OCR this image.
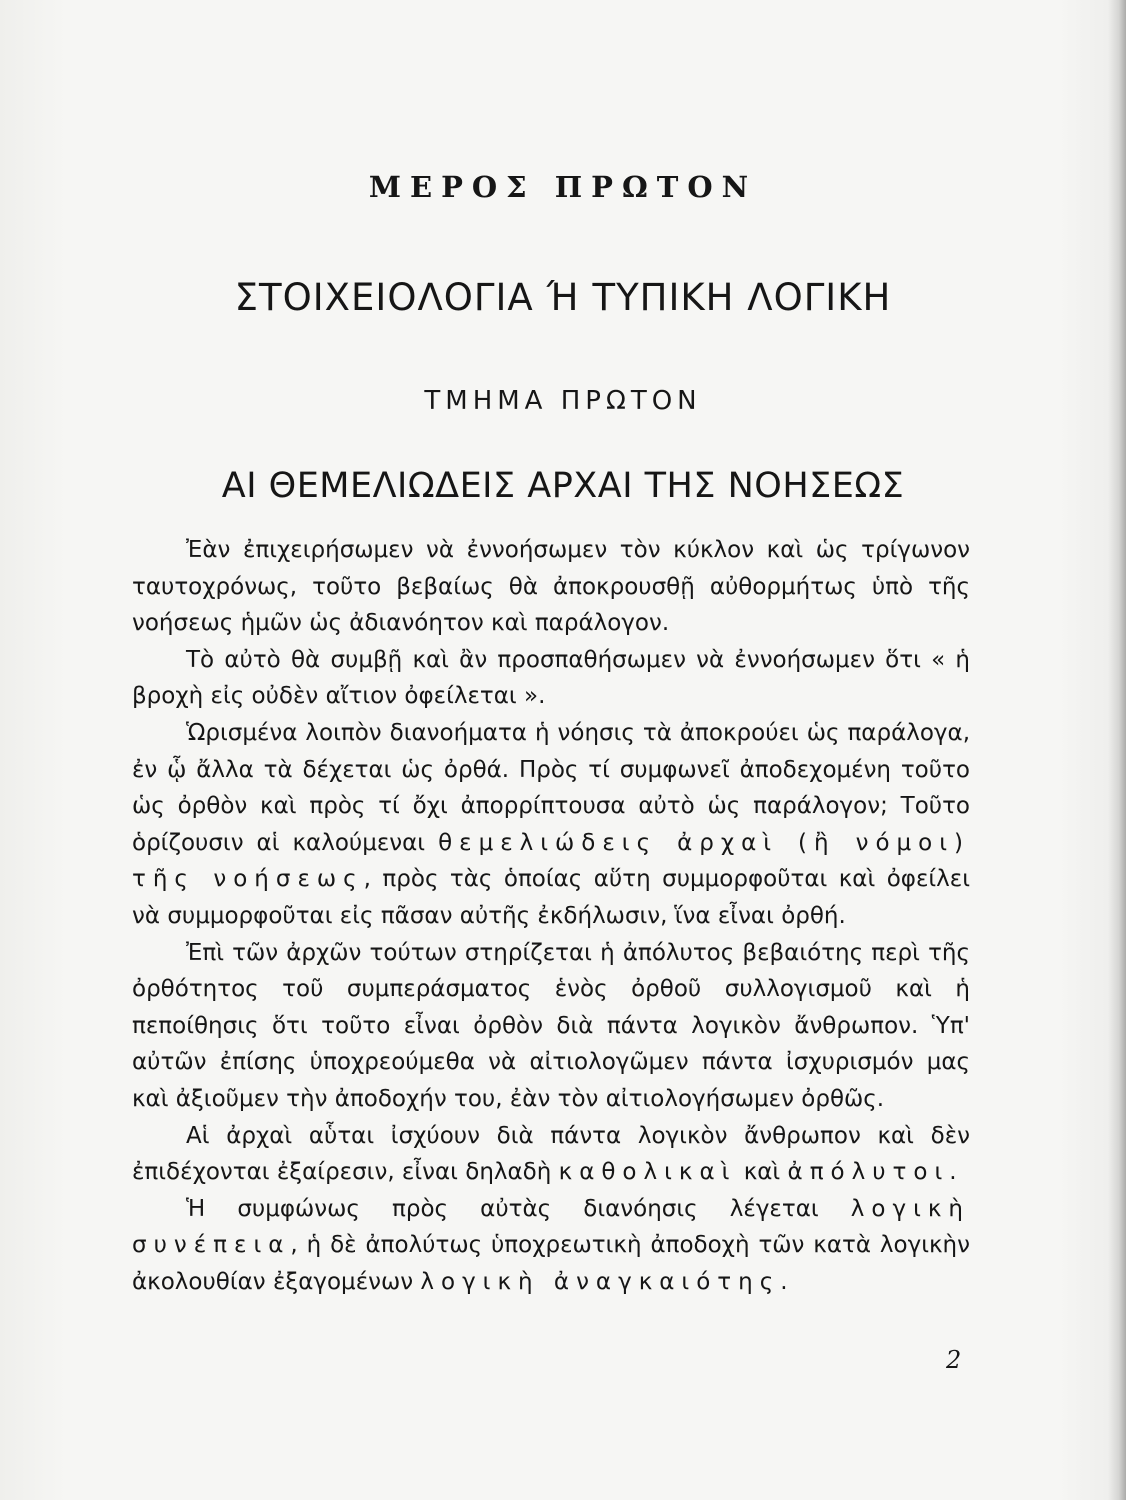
ΜΕΡΟΣ ΠΡΩΤΟΝ
ΣΤΟΙΧΕΙΟΛΟΓΙΑ Ή ΤΥΠΙΚΗ ΛΟΓΙΚΗ
ΤΜΗΜΑ ΠΡΩΤΟΝ
ΑΙ ΘΕΜΕΛΙΩΔΕΙΣ ΑΡΧΑΙ ΤΗΣ ΝΟΗΣΕΩΣ

Ἐὰν ἐπιχειρήσωμεν νὰ ἐννοήσωμεν τὸν κύκλον καὶ ὡς τρίγωνον ταυτοχρόνως, τοῦτο βεβαίως θὰ ἀποκρουσθῇ αὐθορμήτως ὑπὸ τῆς νοήσεως ἡμῶν ὡς ἀδιανόητον καὶ παράλογον.

Τὸ αὐτὸ θὰ συμβῇ καὶ ἂν προσπαθήσωμεν νὰ ἐννοήσωμεν ὅτι « ἡ βροχὴ εἰς οὐδὲν αἴτιον ὀφείλεται ».

Ὡρισμένα λοιπὸν διανοήματα ἡ νόησις τὰ ἀποκρούει ὡς παράλογα, ἐν ᾧ ἄλλα τὰ δέχεται ὡς ὀρθά. Πρὸς τί συμφωνεῖ ἀποδεχομένη τοῦτο ὡς ὀρθὸν καὶ πρὸς τί ὄχι ἀπορρίπτουσα αὐτὸ ὡς παράλογον; Τοῦτο ὁρίζουσιν αἱ καλούμεναι θεμελιώδεις ἀρχαὶ (ἢ νόμοι) τῆς νοήσεως, πρὸς τὰς ὁποίας αὕτη συμμορφοῦται καὶ ὀφείλει νὰ συμμορφοῦται εἰς πᾶσαν αὐτῆς ἐκδήλωσιν, ἵνα εἶναι ὀρθή.

Ἐπὶ τῶν ἀρχῶν τούτων στηρίζεται ἡ ἀπόλυτος βεβαιότης περὶ τῆς ὀρθότητος τοῦ συμπεράσματος ἑνὸς ὀρθοῦ συλλογισμοῦ καὶ ἡ πεποίθησις ὅτι τοῦτο εἶναι ὀρθὸν διὰ πάντα λογικὸν ἄνθρωπον. Ὑπ' αὐτῶν ἐπίσης ὑποχρεούμεθα νὰ αἰτιολογῶμεν πάντα ἰσχυρισμόν μας καὶ ἀξιοῦμεν τὴν ἀποδοχήν του, ἐὰν τὸν αἰτιολογήσωμεν ὀρθῶς.

Αἱ ἀρχαὶ αὗται ἰσχύουν διὰ πάντα λογικὸν ἄνθρωπον καὶ δὲν ἐπιδέχονται ἐξαίρεσιν, εἶναι δηλαδὴ καθολικαὶ καὶ ἀπόλυτοι.

Ἡ συμφώνως πρὸς αὐτὰς διανόησις λέγεται λογικὴ συνέπεια, ἡ δὲ ἀπολύτως ὑποχρεωτικὴ ἀποδοχὴ τῶν κατὰ λογικὴν ἀκολουθίαν ἐξαγομένων λογικὴ ἀναγκαιότης.

2
